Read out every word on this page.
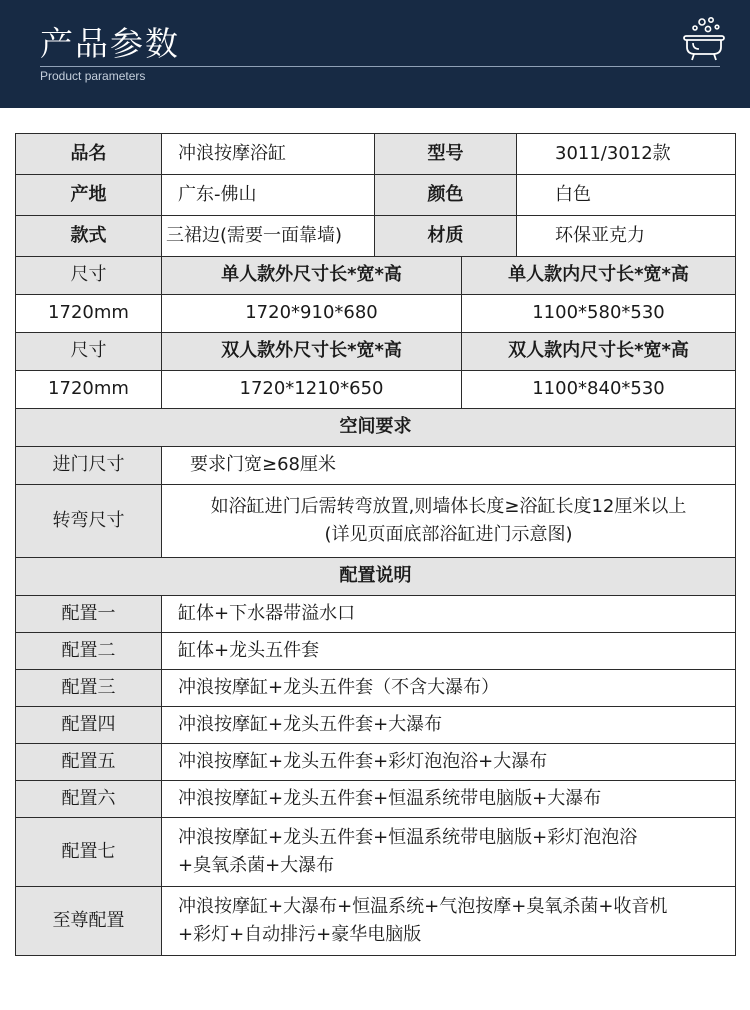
产品参数
Product parameters
品名	冲浪按摩浴缸	型号		3011/3012款
产地	广东-佛山	颜色		白色
款式	三裙边(需要一面靠墙)	材质		环保亚克力
尺寸	单人款外尺寸长*宽*高		单人款内尺寸长*宽*高	
1720mm	1720*910*680		1100*580*530	
尺寸	双人款外尺寸长*宽*高		双人款内尺寸长*宽*高	
1720mm	1720*1210*650		1100*840*530	
空间要求				
进门尺寸	要求门宽≥68厘米			
转弯尺寸	如浴缸进门后需转弯放置,则墙体长度≥浴缸长度12厘米以上
(详见页面底部浴缸进门示意图)			

配置说明				
配置一	缸体+下水器带溢水口			
配置二	缸体+龙头五件套			
配置三	冲浪按摩缸+龙头五件套（不含大瀑布）			
配置四	冲浪按摩缸+龙头五件套+大瀑布			
配置五	冲浪按摩缸+龙头五件套+彩灯泡泡浴+大瀑布			
配置六	冲浪按摩缸+龙头五件套+恒温系统带电脑版+大瀑布			
配置七	冲浪按摩缸+龙头五件套+恒温系统带电脑版+彩灯泡泡浴
+臭氧杀菌+大瀑布			

至尊配置	冲浪按摩缸+大瀑布+恒温系统+气泡按摩+臭氧杀菌+收音机
+彩灯+自动排污+豪华电脑版			
